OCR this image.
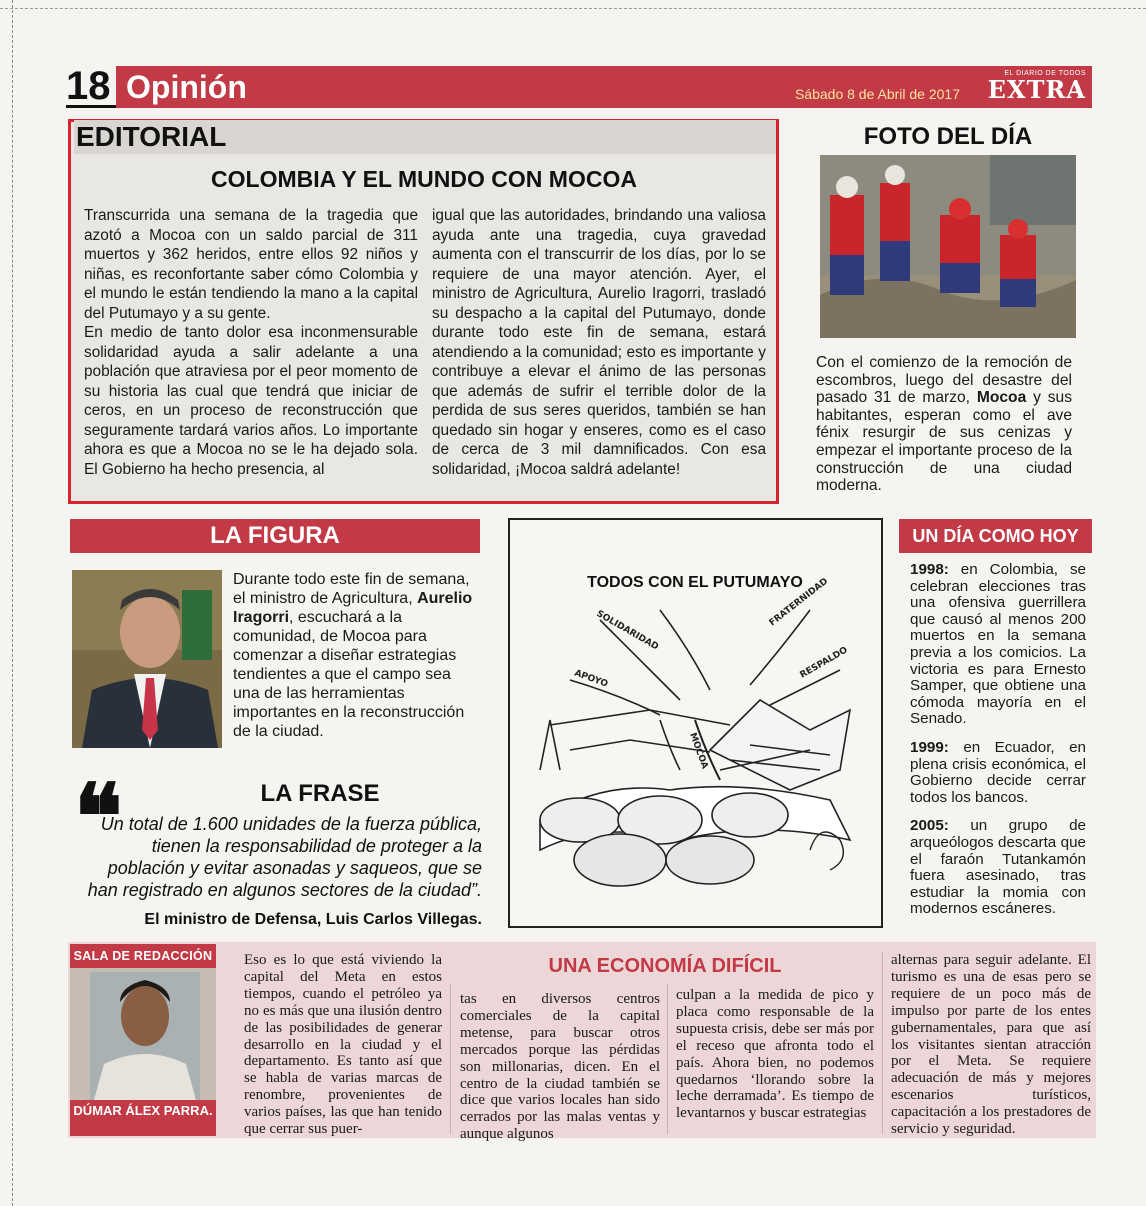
18 Opinión	Sábado 8 de Abril de 2017
EL DIARIO DE TODOS
EXTRA
EDITORIAL
COLOMBIA Y EL MUNDO CON MOCOA

Transcurrida una semana de la tragedia que azotó a Mocoa con un saldo parcial de 311 muertos y 362 heridos, entre ellos 92 niños y niñas, es reconfortante saber cómo Colombia y el mundo le están tendiendo la mano a la capital del Putumayo y a su gente.

En medio de tanto dolor esa inconmensurable solidaridad ayuda a salir adelante a una población que atraviesa por el peor momento de su historia las cual que tendrá que iniciar de ceros, en un proceso de reconstrucción que seguramente tardará varios años. Lo importante ahora es que a Mocoa no se le ha dejado sola. El Gobierno ha hecho presencia, al

igual que las autoridades, brindando una valiosa ayuda ante una tragedia, cuya gravedad aumenta con el transcurrir de los días, por lo se requiere de una mayor atención. Ayer, el ministro de Agricultura, Aurelio Iragorri, trasladó su despacho a la capital del Putumayo, donde durante todo este fin de semana, estará atendiendo a la comunidad; esto es importante y contribuye a elevar el ánimo de las personas que además de sufrir el terrible dolor de la perdida de sus seres queridos, también se han quedado sin hogar y enseres, como es el caso de cerca de 3 mil damnificados. Con esa solidaridad, ¡Mocoa saldrá adelante!

FOTO DEL DÍA
Con el comienzo de la remoción de escombros, luego del desastre del pasado 31 de marzo, Mocoa y sus habitantes, esperan como el ave fénix resurgir de sus cenizas y empezar el importante proceso de la construcción de una ciudad moderna.
LA FIGURA
Durante todo este fin de semana, el ministro de Agricultura, Aurelio Iragorri, escuchará a la comunidad, de Mocoa para comenzar a diseñar estrategias tendientes a que el campo sea una de las herramientas importantes en la reconstrucción de la ciudad.
❝	LA FRASE
Un total de 1.600 unidades de la fuerza pública, tienen la responsabilidad de proteger a la población y evitar asonadas y saqueos, que se han registrado en algunos sectores de la ciudad”.
El ministro de Defensa, Luis Carlos Villegas.
SOLIDARIDAD
FRATERNIDAD
RESPALDO
APOYO
MOCOA
TODOS CON EL PUTUMAYO
UN DÍA COMO HOY

1998: en Colombia, se celebran elecciones tras una ofensiva guerrillera que causó al menos 200 muertos en la semana previa a los comicios. La victoria es para Ernesto Samper, que obtiene una cómoda mayoría en el Senado.

1999: en Ecuador, en plena crisis económica, el Gobierno decide cerrar todos los bancos.

2005: un grupo de arqueólogos descarta que el faraón Tutankamón fuera asesinado, tras estudiar la momia con modernos escáneres.

SALA DE REDACCIÓN
DÚMAR ÁLEX PARRA.
UNA ECONOMÍA DIFÍCIL
Eso es lo que está viviendo la capital del Meta en estos tiempos, cuando el petróleo ya no es más que una ilusión dentro de las posibilidades de generar desarrollo en la ciudad y el departamento. Es tanto así que se habla de varias marcas de renombre, provenientes de varios países, las que han tenido que cerrar sus puer-
tas en diversos centros comerciales de la capital metense, para buscar otros mercados porque las pérdidas son millonarias, dicen. En el centro de la ciudad también se dice que varios locales han sido cerrados por las malas ventas y aunque algunos
culpan a la medida de pico y placa como responsable de la supuesta crisis, debe ser más por el receso que afronta todo el país. Ahora bien, no podemos quedarnos ‘llorando sobre la leche derramada’. Es tiempo de levantarnos y buscar estrategias
alternas para seguir adelante. El turismo es una de esas pero se requiere de un poco más de impulso por parte de los entes gubernamentales, para que así los visitantes sientan atracción por el Meta. Se requiere adecuación de más y mejores escenarios turísticos, capacitación a los prestadores de servicio y seguridad.
